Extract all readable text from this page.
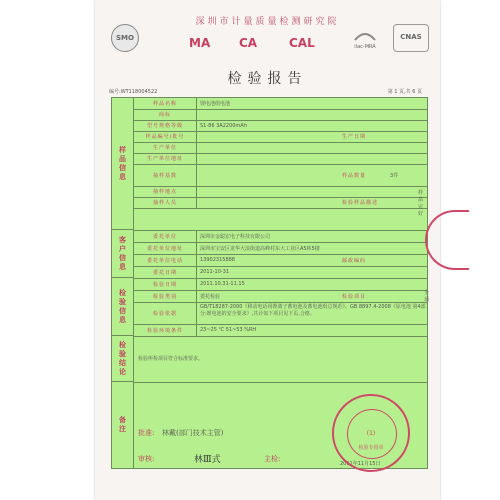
深圳市计量质量检测研究院
SMO	MA CA	CAL	ilac-MRA
CNAS
检验报告
编号:WT118004522	第 1 页,共 6 页
样品信息
客户信息
检验信息
检验结论
备注
样品名称	锂电池组电池
商标
型号规格等级	S1-86 3A2200mAh
样品编号/批号	生产日期
生产单位
生产单位地址
抽样基数	样品数量	3件
抽样地点
抽样人员	检验样品描述
样品完好
委托单位	深圳市金聪宏电子科技有限公司
委托单位地址	深圳市宝安区龙华大浪街道高峰村东大工业区A5栋5楼
委托单位电话	13902315888	邮政编码
委托日期	2011-10-31
检验日期	2011.10.31-11.15
检验类别	委托检验	检验项目
全项
检验依据
GB/T18287-2000《移动电话用锂离子蓄电池及蓄电池组总规范》、GB 8897.4-2008《原电池 第4部分:锂电池的安全要求》,共计如下项目见下页,合格。
检验环境条件	23~25 ℃ 51~53 %RH
检验所检项目符合标准要求。
批准: 林戴(部门技术主管)
审核:	林Ⅲ式	主检:
2011年11月15日
(1)
检验专用章
